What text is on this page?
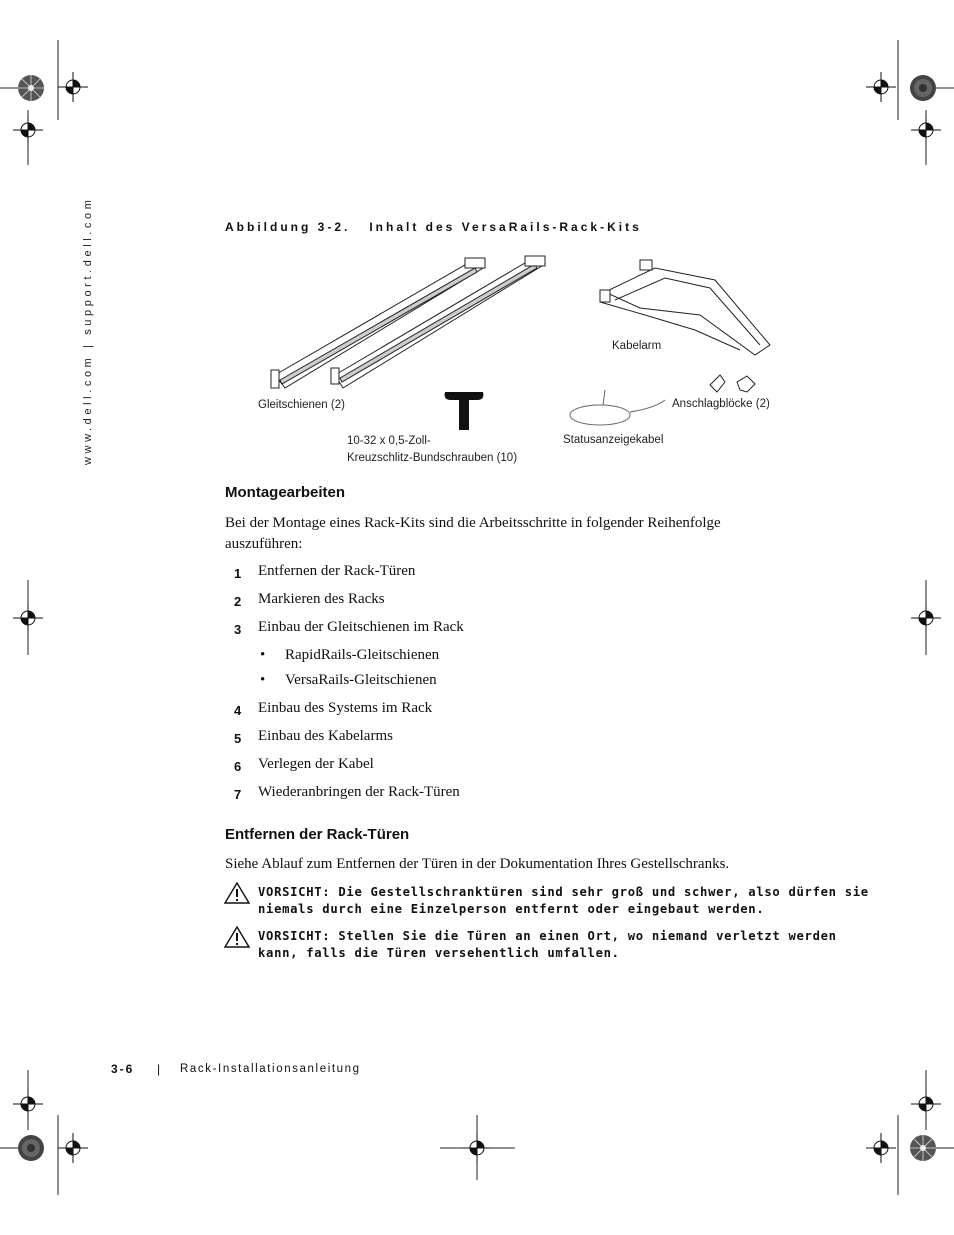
www.dell.com | support.dell.com	Abbildung 3-2.   Inhalt des VersaRails-Rack-Kits
Gleitschienen (2)
Kabelarm
Anschlagblöcke (2)
10-32 x 0,5-Zoll-
Kreuzschlitz-Bundschrauben (10)
Statusanzeigekabel
Montagearbeiten
Bei der Montage eines Rack-Kits sind die Arbeitsschritte in folgender Reihenfolge
auszuführen:
1 Entfernen der Rack-Türen
2 Markieren des Racks
3 Einbau der Gleitschienen im Rack
• RapidRails-Gleitschienen
• VersaRails-Gleitschienen
4 Einbau des Systems im Rack
5 Einbau des Kabelarms
6 Verlegen der Kabel
7 Wiederanbringen der Rack-Türen
Entfernen der Rack-Türen
Siehe Ablauf zum Entfernen der Türen in der Dokumentation Ihres Gestellschranks.
VORSICHT: Die Gestellschranktüren sind sehr groß und schwer, also dürfen sie
niemals durch eine Einzelperson entfernt oder eingebaut werden.
VORSICHT: Stellen Sie die Türen an einen Ort, wo niemand verletzt werden
kann, falls die Türen versehentlich umfallen.
3-6 | Rack-Installationsanleitung
